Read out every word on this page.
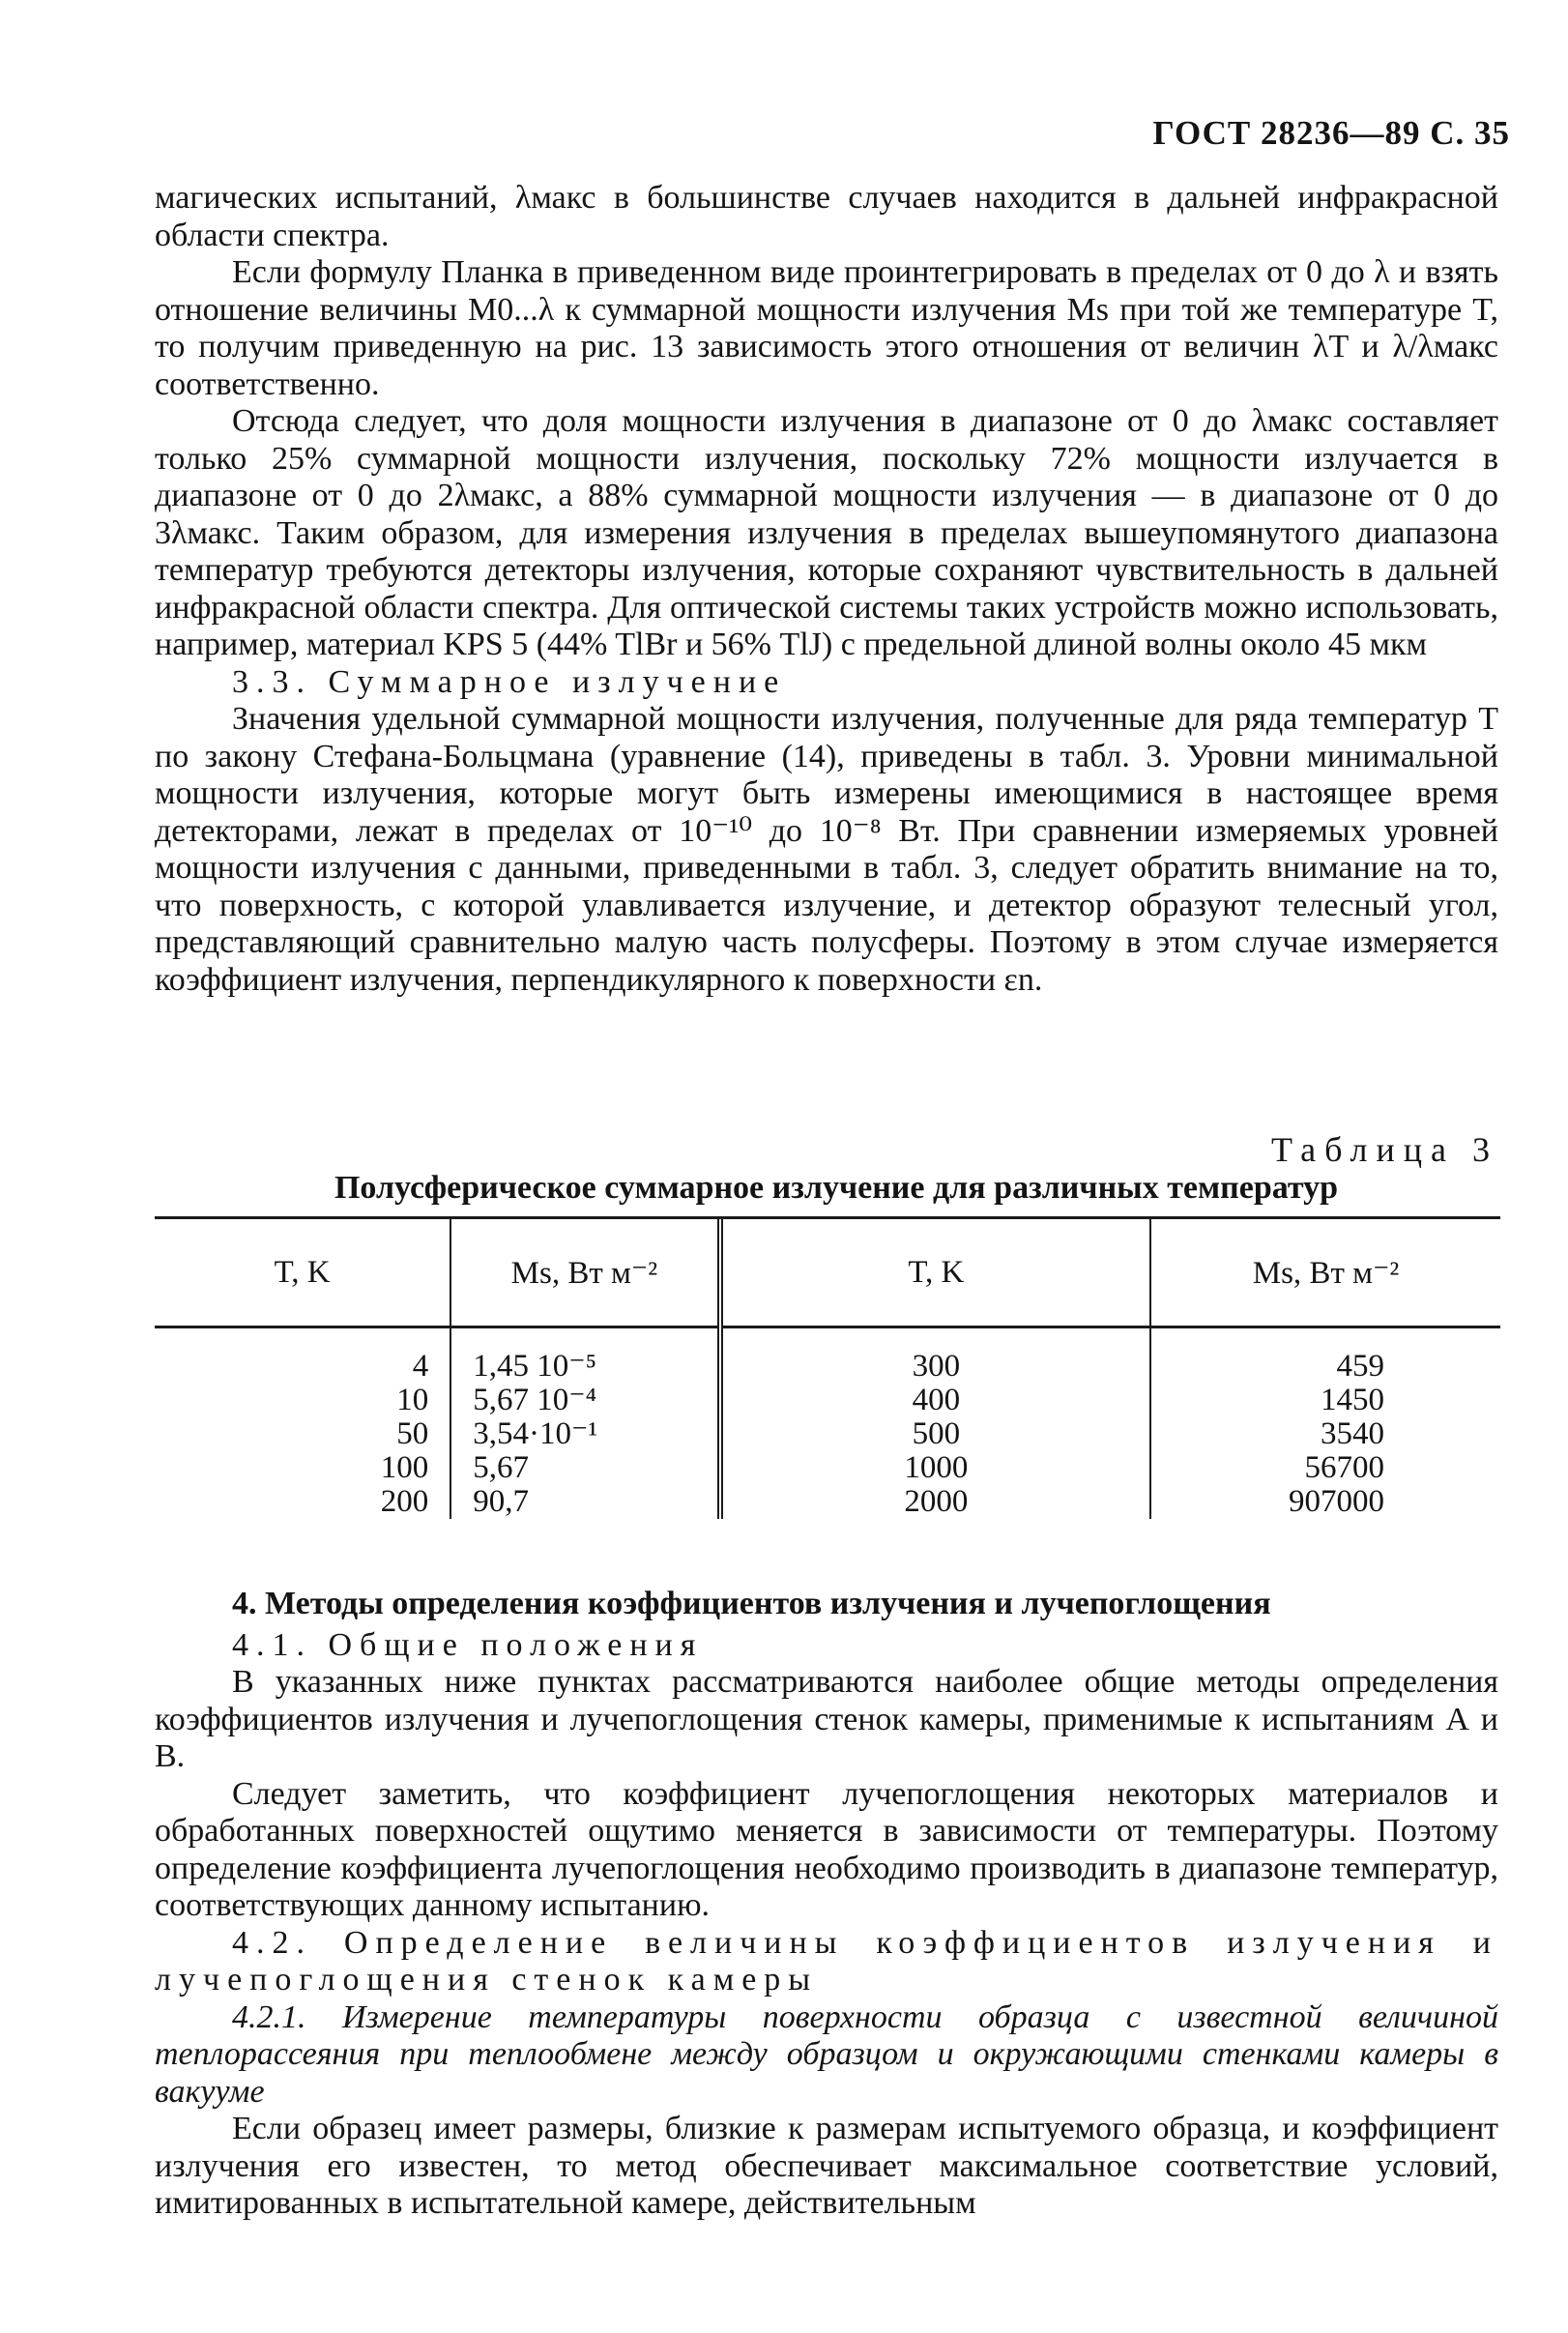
ГОСТ 28236—89 С. 35

магических испытаний, λмакс в большинстве случаев находится в дальней инфракрасной области спектра.

Если формулу Планка в приведенном виде проинтегрировать в пределах от 0 до λ и взять отношение величины M0...λ к суммарной мощности излучения Ms при той же температуре T, то получим приведенную на рис. 13 зависимость этого отношения от величин λT и λ/λмакс соответственно.

Отсюда следует, что доля мощности излучения в диапазоне от 0 до λмакс составляет только 25% суммарной мощности излучения, поскольку 72% мощности излучается в диапазоне от 0 до 2λмакс, а 88% суммарной мощности излучения — в диапазоне от 0 до 3λмакс. Таким образом, для измерения излучения в пределах вышеупомянутого диапазона температур требуются детекторы излучения, которые сохраняют чувствительность в дальней инфракрасной области спектра. Для оптической системы таких устройств можно использовать, например, материал KPS 5 (44% TlBr и 56% TlJ) с предельной длиной волны около 45 мкм

3.3. Суммарное излучение

Значения удельной суммарной мощности излучения, полученные для ряда температур T по закону Стефана-Больцмана (уравнение (14), приведены в табл. 3. Уровни минимальной мощности излучения, которые могут быть измерены имеющимися в настоящее время детекторами, лежат в пределах от 10⁻¹⁰ до 10⁻⁸ Вт. При сравнении измеряемых уровней мощности излучения с данными, приведенными в табл. 3, следует обратить внимание на то, что поверхность, с которой улавливается излучение, и детектор образуют телесный угол, представляющий сравнительно малую часть полусферы. Поэтому в этом случае измеряется коэффициент излучения, перпендикулярного к поверхности εn.

Таблица 3
Полусферическое суммарное излучение для различных температур
T, K	Ms, Вт м⁻²	T, K	Ms, Вт м⁻²
4	1,45 10⁻⁵	300	459
10	5,67 10⁻⁴	400	1450
50	3,54·10⁻¹	500	3540
100	5,67	1000	56700
200	90,7	2000	907000
4. Методы определения коэффициентов излучения и лучепоглощения

4.1. Общие положения

В указанных ниже пунктах рассматриваются наиболее общие методы определения коэффициентов излучения и лучепоглощения стенок камеры, применимые к испытаниям А и В.

Следует заметить, что коэффициент лучепоглощения некоторых материалов и обработанных поверхностей ощутимо меняется в зависимости от температуры. Поэтому определение коэффициента лучепоглощения необходимо производить в диапазоне температур, соответствующих данному испытанию.

4.2. Определение величины коэффициентов излучения и лучепоглощения стенок камеры

4.2.1. Измерение температуры поверхности образца с известной величиной теплорассеяния при теплообмене между образцом и окружающими стенками камеры в вакууме

Если образец имеет размеры, близкие к размерам испытуемого образца, и коэффициент излучения его известен, то метод обеспечивает максимальное соответствие условий, имитированных в испытательной камере, действительным
